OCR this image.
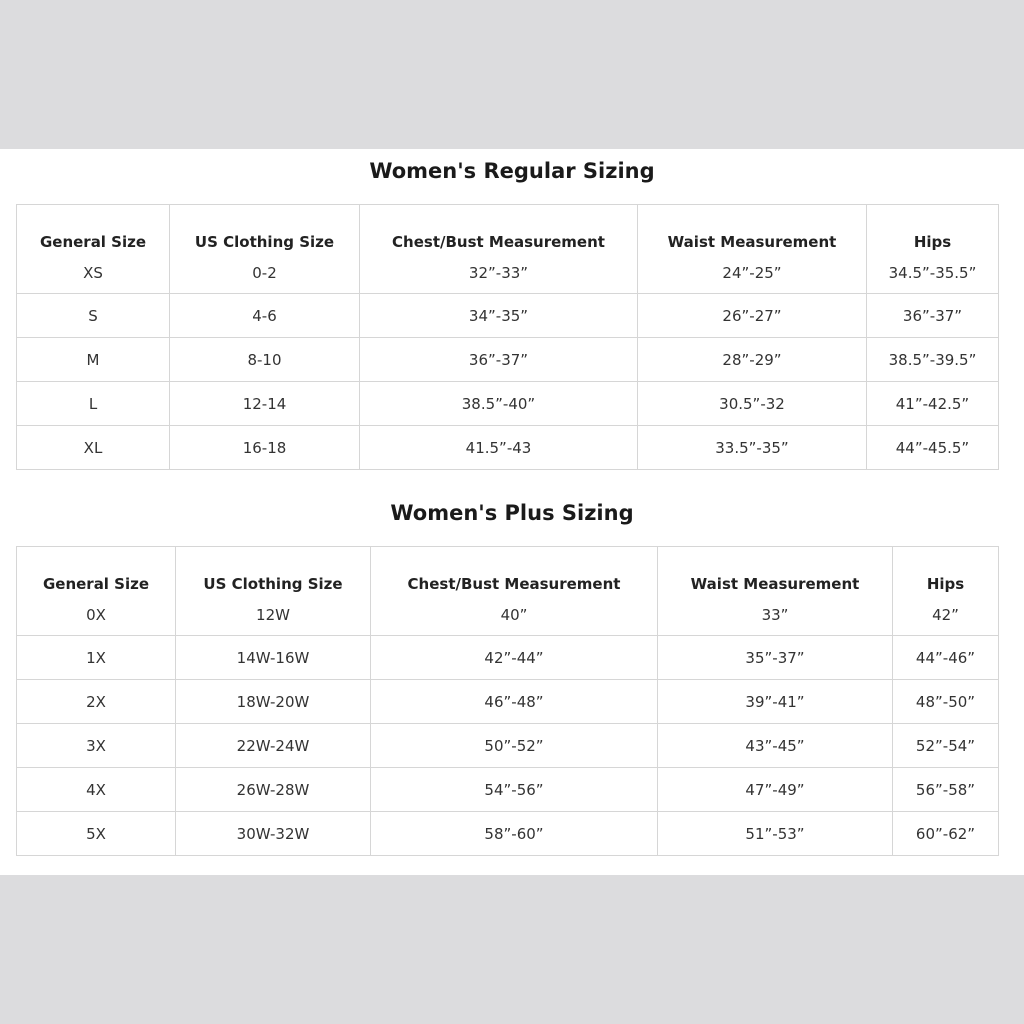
Women's Regular Sizing
General Size	US Clothing Size	Chest/Bust Measurement	Waist Measurement	Hips
XS	0-2	32”-33”	24”-25”	34.5”-35.5”
S	4-6	34”-35”	26”-27”	36”-37”
M	8-10	36”-37”	28”-29”	38.5”-39.5”
L	12-14	38.5”-40”	30.5”-32	41”-42.5”
XL	16-18	41.5”-43	33.5”-35”	44”-45.5”
Women's Plus Sizing
General Size	US Clothing Size	Chest/Bust Measurement	Waist Measurement	Hips
0X	12W	40”	33”	42”
1X	14W-16W	42”-44”	35”-37”	44”-46”
2X	18W-20W	46”-48”	39”-41”	48”-50”
3X	22W-24W	50”-52”	43”-45”	52”-54”
4X	26W-28W	54”-56”	47”-49”	56”-58”
5X	30W-32W	58”-60”	51”-53”	60”-62”
